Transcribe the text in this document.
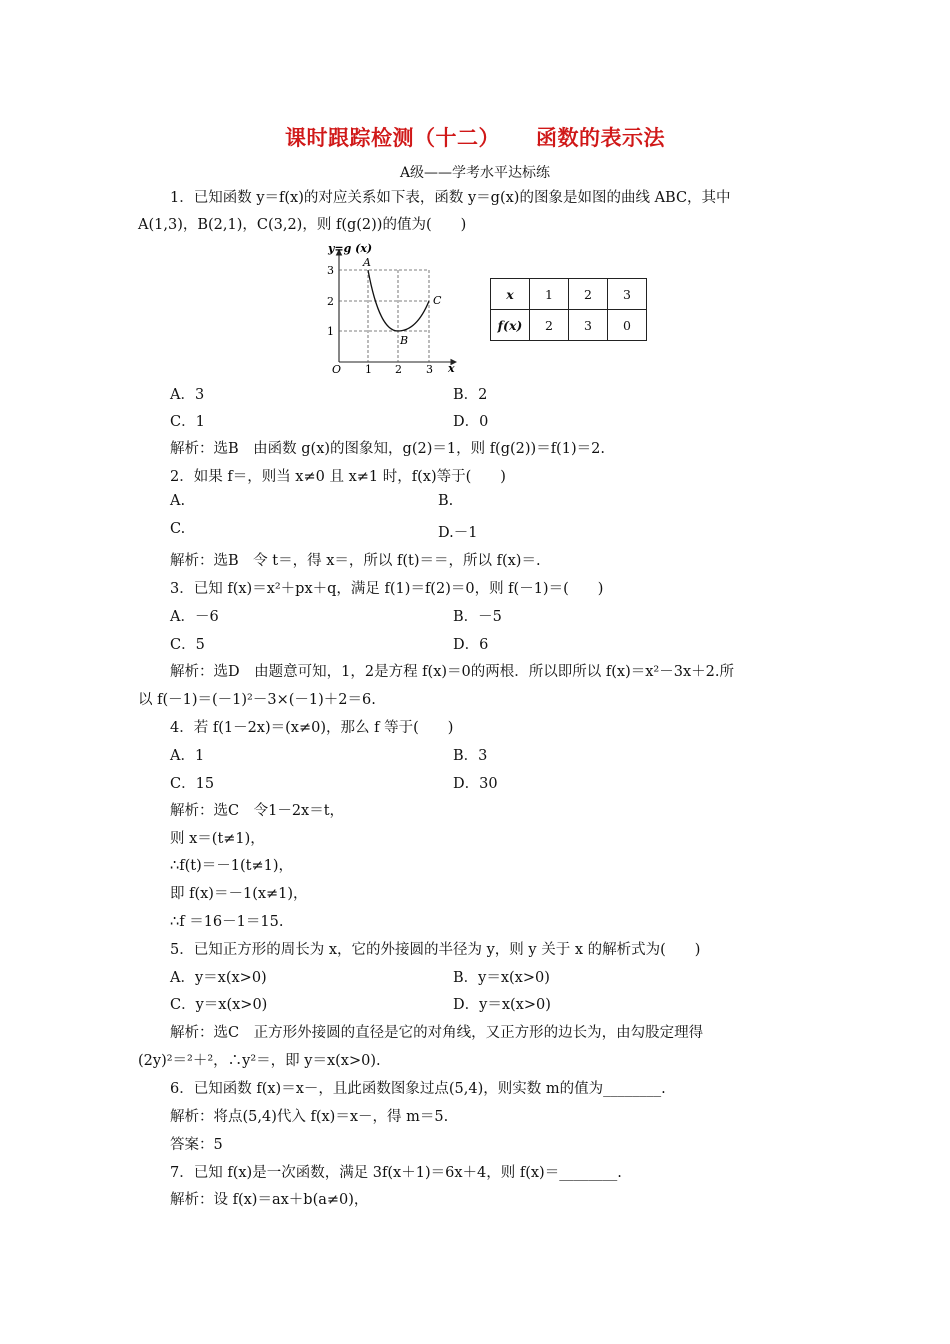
课时跟踪检测（十二） 函数的表示法
A级——学考水平达标练
1．已知函数 y＝f(x)的对应关系如下表，函数 y＝g(x)的图象是如图的曲线 ABC，其中
A(1,3)，B(2,1)，C(3,2)，则 f(g(2))的值为(　　)
y=g (x)
x
O 1 2 3
1
2
3
A
B
C	x	1	2	3
f(x)	2	3	0
A．3	B．2
C．1	D．0
解析：选B　由函数 g(x)的图象知，g(2)＝1，则 f(g(2))＝f(1)＝2.
2．如果 f＝，则当 x≠0 且 x≠1 时，f(x)等于(　　)
A.	B.
C.	D.－1
解析：选B　令 t＝，得 x＝，所以 f(t)＝＝，所以 f(x)＝.
3．已知 f(x)＝x²＋px＋q，满足 f(1)＝f(2)＝0，则 f(－1)＝(　　)
A．－6	B．－5
C．5	D．6
解析：选D　由题意可知，1，2是方程 f(x)＝0的两根．所以即所以 f(x)＝x²－3x＋2.所
以 f(－1)＝(－1)²－3×(－1)＋2＝6.
4．若 f(1－2x)＝(x≠0)，那么 f 等于(　　)
A．1	B．3
C．15	D．30
解析：选C　令1－2x＝t，
则 x＝(t≠1)，
∴f(t)＝－1(t≠1)，
即 f(x)＝－1(x≠1)，
∴f ＝16－1＝15.
5．已知正方形的周长为 x，它的外接圆的半径为 y，则 y 关于 x 的解析式为(　　)
A．y＝x(x>0)	B．y＝x(x>0)
C．y＝x(x>0)	D．y＝x(x>0)
解析：选C　正方形外接圆的直径是它的对角线，又正方形的边长为，由勾股定理得
(2y)²＝²＋²，∴y²＝，即 y＝x(x>0).
6．已知函数 f(x)＝x－，且此函数图象过点(5,4)，则实数 m的值为________.
解析：将点(5,4)代入 f(x)＝x－，得 m＝5.
答案：5
7．已知 f(x)是一次函数，满足 3f(x＋1)＝6x＋4，则 f(x)＝________.
解析：设 f(x)＝ax＋b(a≠0)，
